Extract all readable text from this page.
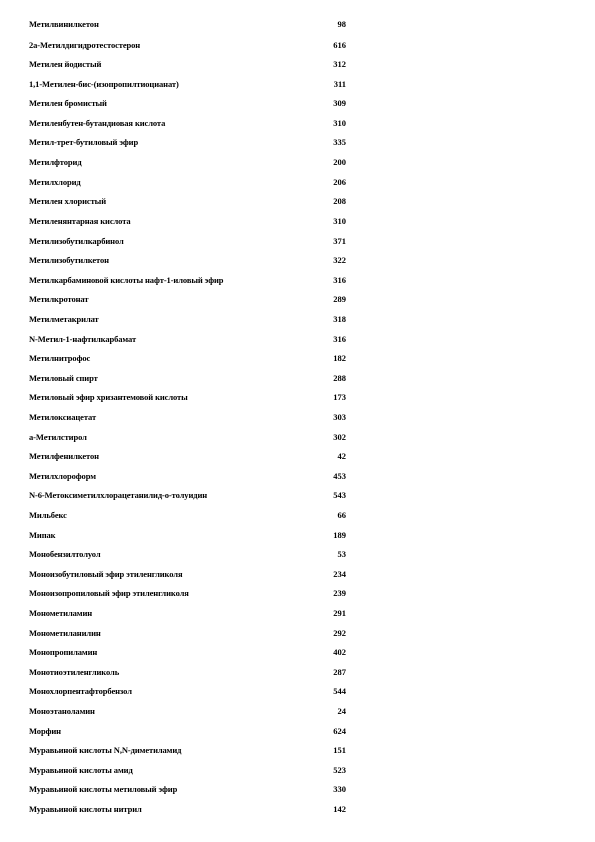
Метилвинилкетон	98
2a-Метилдигидротестостерон	616
Метилен йодистый	312
1,1-Метилен-бис-(изопропилтиоцианат)	311
Метилен бромистый	309
Метиленбутен-бутандиовая кислота	310
Метил-трет-бутиловый эфир	335
Метилфторид	200
Метилхлорид	206
Метилен хлористый	208
Метиленянтарная кислота	310
Метилизобутилкарбинол	371
Метилизобутилкетон	322
Метилкарбаминовой кислоты нафт-1-иловый эфир	316
Метилкротонат	289
Метилметакрилат	318
N-Метил-1-нафтилкарбамат	316
Метилнитрофос	182
Метиловый спирт	288
Метиловый эфир хризантемовой кислоты	173
Метилоксиацетат	303
a-Метилстирол	302
Метилфенилкетон	42
Метилхлороформ	453
N-6-Метоксиметилхлорацетанилид-о-толуидин	543
Мильбекс	66
Мипак	189
Монобензилтолуол	53
Моноизобутиловый эфир этиленгликоля	234
Моноизопропиловый эфир этиленгликоля	239
Монометиламин	291
Монометиланилин	292
Монопропиламин	402
Монотиоэтиленгликоль	287
Монохлорпентафторбензол	544
Моноэтаноламин	24
Морфин	624
Муравьиной кислоты N,N-диметиламид	151
Муравьиной кислоты амид	523
Муравьиной кислоты метиловый эфир	330
Муравьиной кислоты нитрил	142
